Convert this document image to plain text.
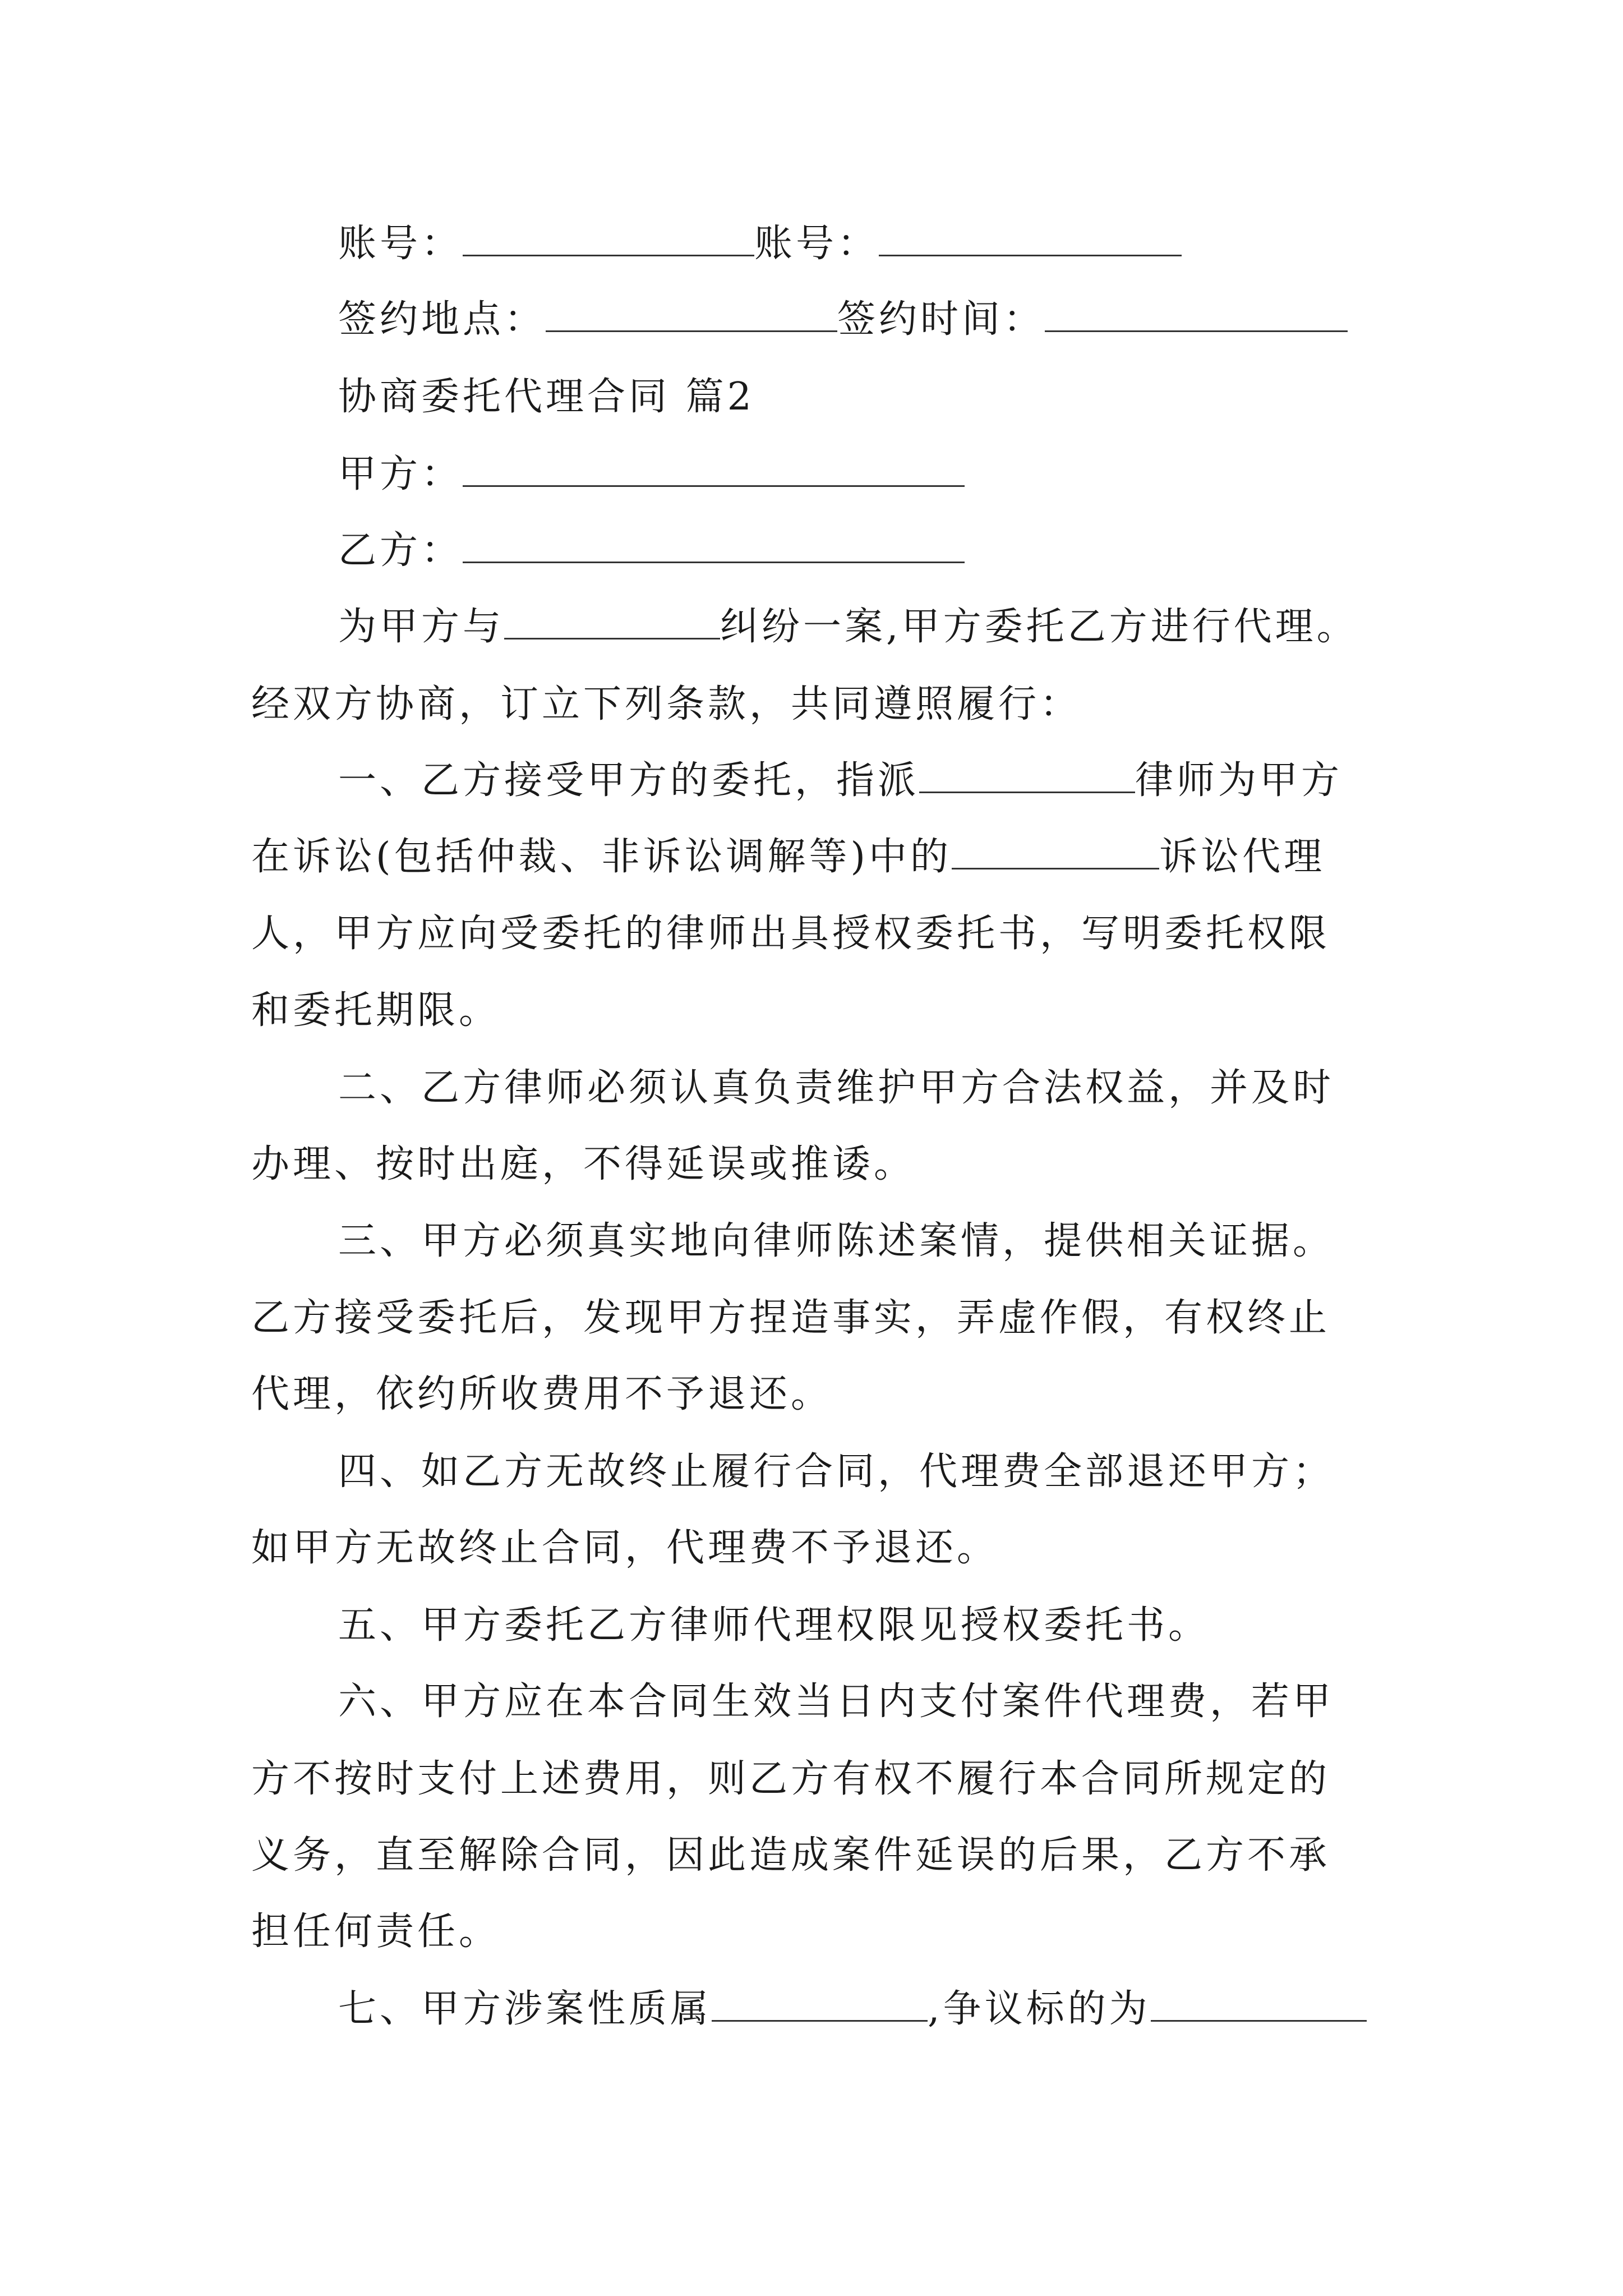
账号：	账号：
签约地点：	签约时间：
协商委托代理合同 篇2
甲方：
乙方：
为甲方与	纠纷一案,甲方委托乙方进行代理。
经双方协商，订立下列条款，共同遵照履行：
一、乙方接受甲方的委托，指派	律师为甲方
在诉讼(包括仲裁、非诉讼调解等)中的	诉讼代理
人，甲方应向受委托的律师出具授权委托书，写明委托权限
和委托期限。
二、乙方律师必须认真负责维护甲方合法权益，并及时
办理、按时出庭，不得延误或推诿。
三、甲方必须真实地向律师陈述案情，提供相关证据。
乙方接受委托后，发现甲方捏造事实，弄虚作假，有权终止
代理，依约所收费用不予退还。
四、如乙方无故终止履行合同，代理费全部退还甲方；
如甲方无故终止合同，代理费不予退还。
五、甲方委托乙方律师代理权限见授权委托书。
六、甲方应在本合同生效当日内支付案件代理费，若甲
方不按时支付上述费用，则乙方有权不履行本合同所规定的
义务，直至解除合同，因此造成案件延误的后果，乙方不承
担任何责任。
七、甲方涉案性质属	,争议标的为
